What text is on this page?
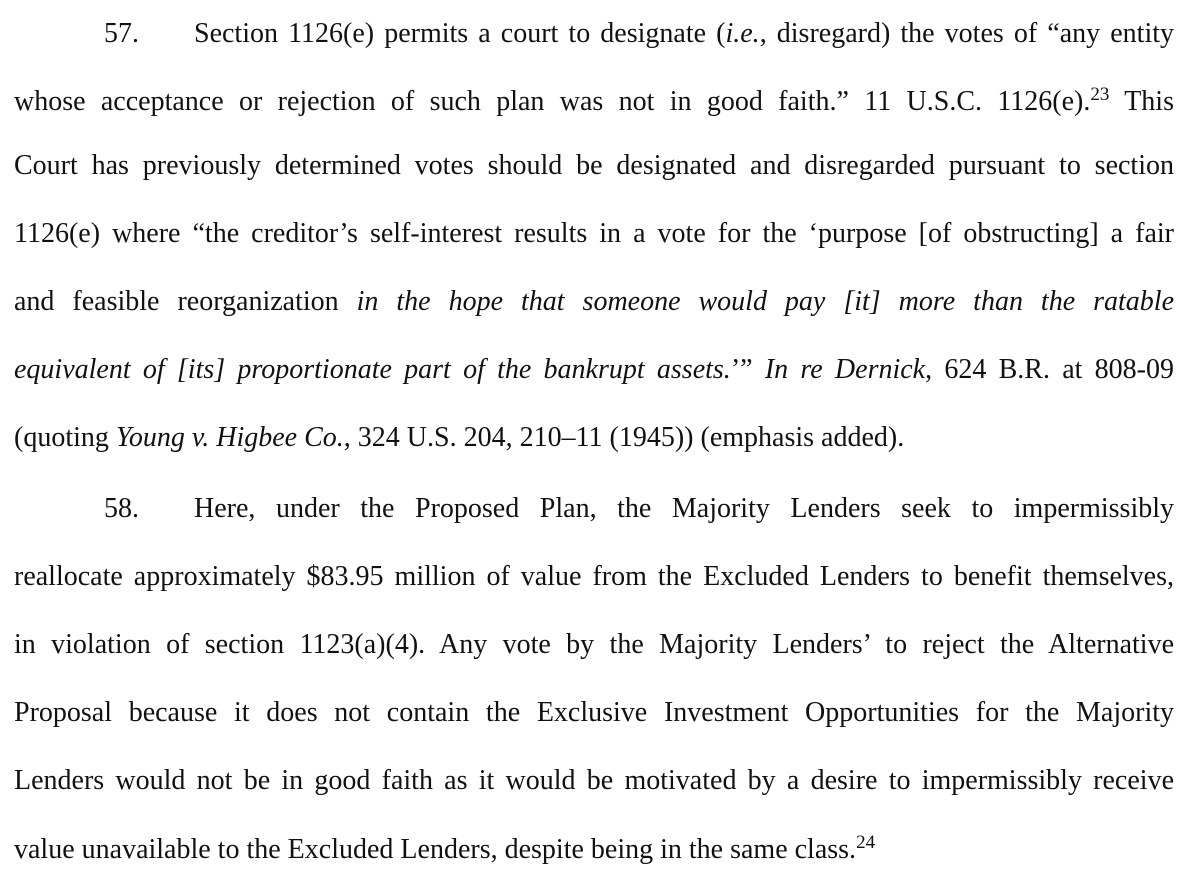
57. Section 1126(e) permits a court to designate (i.e., disregard) the votes of “any entity
whose acceptance or rejection of such plan was not in good faith.” 11 U.S.C. 1126(e).$^{23}$ This
Court has previously determined votes should be designated and disregarded pursuant to section
1126(e) where “the creditor’s self-interest results in a vote for the ‘purpose [of obstructing] a fair
and feasible reorganization in the hope that someone would pay [it] more than the ratable
equivalent of [its] proportionate part of the bankrupt assets.’” In re Dernick, 624 B.R. at 808-09
(quoting Young v. Higbee Co., 324 U.S. 204, 210–11 (1945)) (emphasis added).
58. Here, under the Proposed Plan, the Majority Lenders seek to impermissibly
reallocate approximately $83.95 million of value from the Excluded Lenders to benefit themselves,
in violation of section 1123(a)(4). Any vote by the Majority Lenders’ to reject the Alternative
Proposal because it does not contain the Exclusive Investment Opportunities for the Majority
Lenders would not be in good faith as it would be motivated by a desire to impermissibly receive
value unavailable to the Excluded Lenders, despite being in the same class.$^{24}$
